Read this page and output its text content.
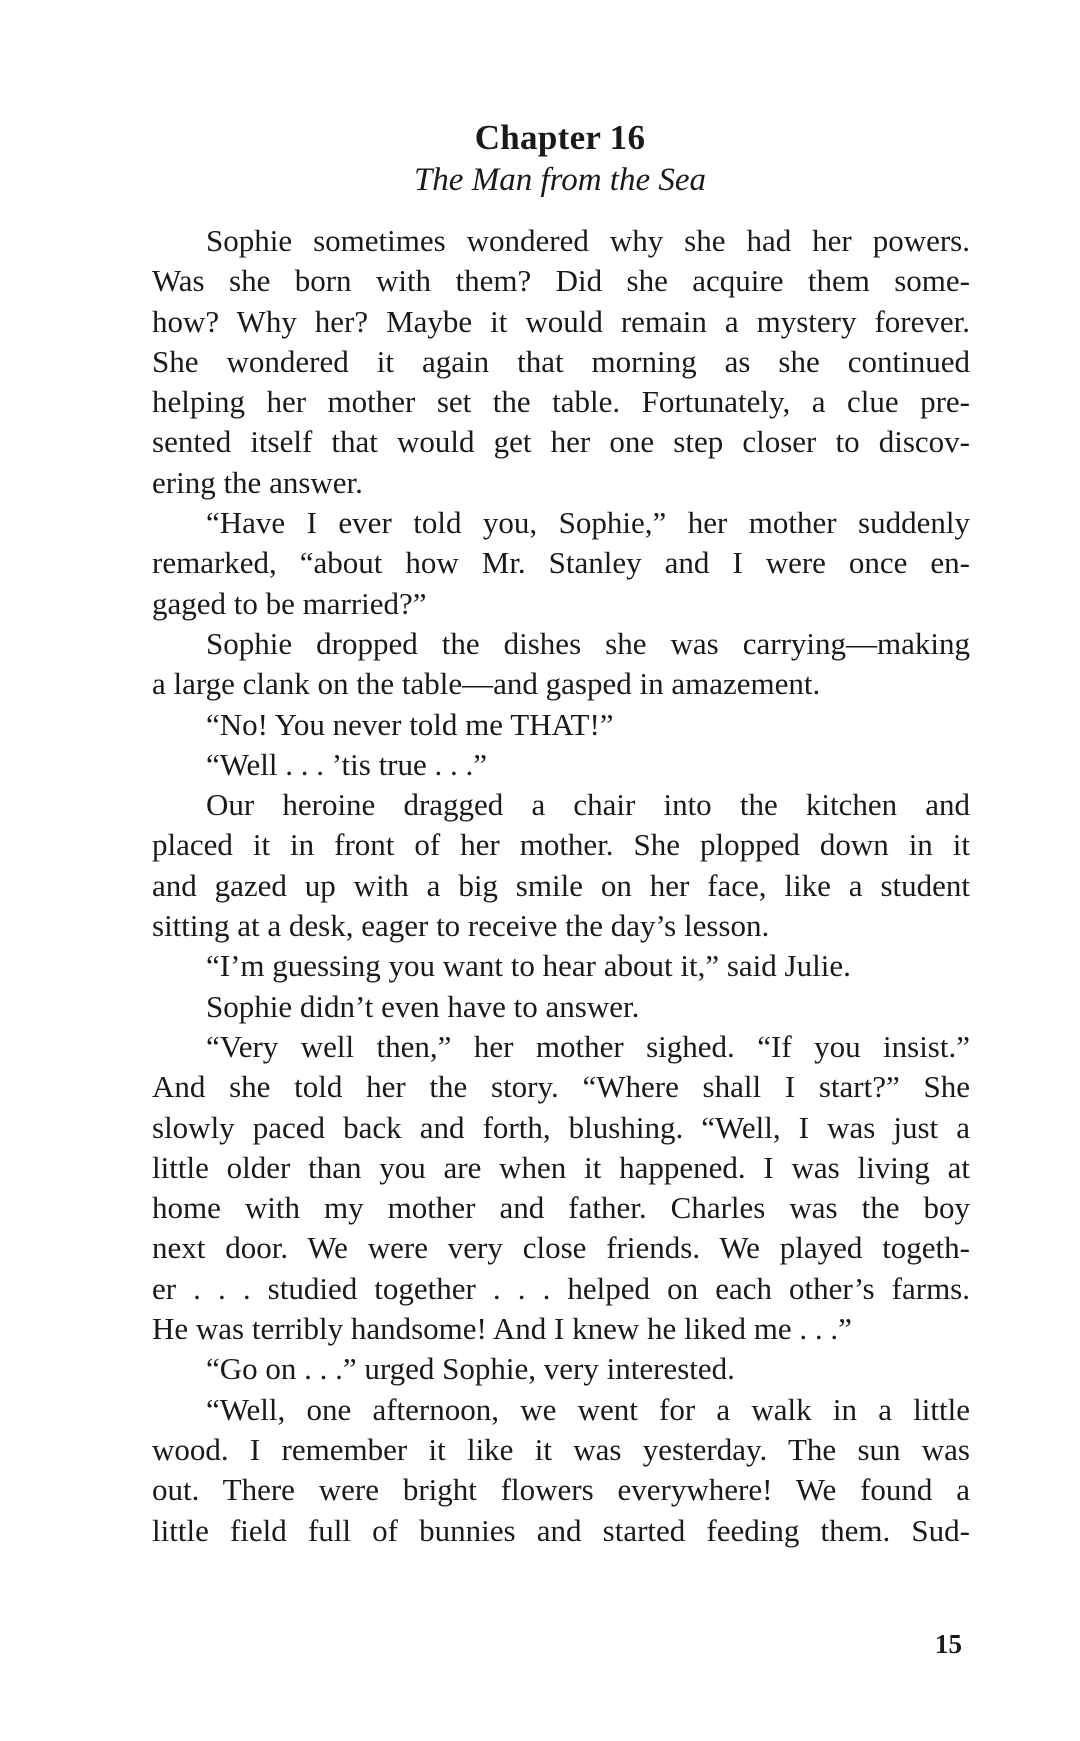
Chapter 16
The Man from the Sea
Sophie sometimes wondered why she had her powers.
Was she born with them? Did she acquire them some-
how? Why her? Maybe it would remain a mystery forever.
She wondered it again that morning as she continued
helping her mother set the table. Fortunately, a clue pre-
sented itself that would get her one step closer to discov-
ering the answer.
“Have I ever told you, Sophie,” her mother suddenly
remarked, “about how Mr. Stanley and I were once en-
gaged to be married?”
Sophie dropped the dishes she was carrying—making
a large clank on the table—and gasped in amazement.
“No! You never told me THAT!”
“Well . . . ’tis true . . .”
Our heroine dragged a chair into the kitchen and
placed it in front of her mother. She plopped down in it
and gazed up with a big smile on her face, like a student
sitting at a desk, eager to receive the day’s lesson.
“I’m guessing you want to hear about it,” said Julie.
Sophie didn’t even have to answer.
“Very well then,” her mother sighed. “If you insist.”
And she told her the story. “Where shall I start?” She
slowly paced back and forth, blushing. “Well, I was just a
little older than you are when it happened. I was living at
home with my mother and father. Charles was the boy
next door. We were very close friends. We played togeth-
er . . . studied together . . . helped on each other’s farms.
He was terribly handsome! And I knew he liked me . . .”
“Go on . . .” urged Sophie, very interested.
“Well, one afternoon, we went for a walk in a little
wood. I remember it like it was yesterday. The sun was
out. There were bright flowers everywhere! We found a
little field full of bunnies and started feeding them. Sud-
15
